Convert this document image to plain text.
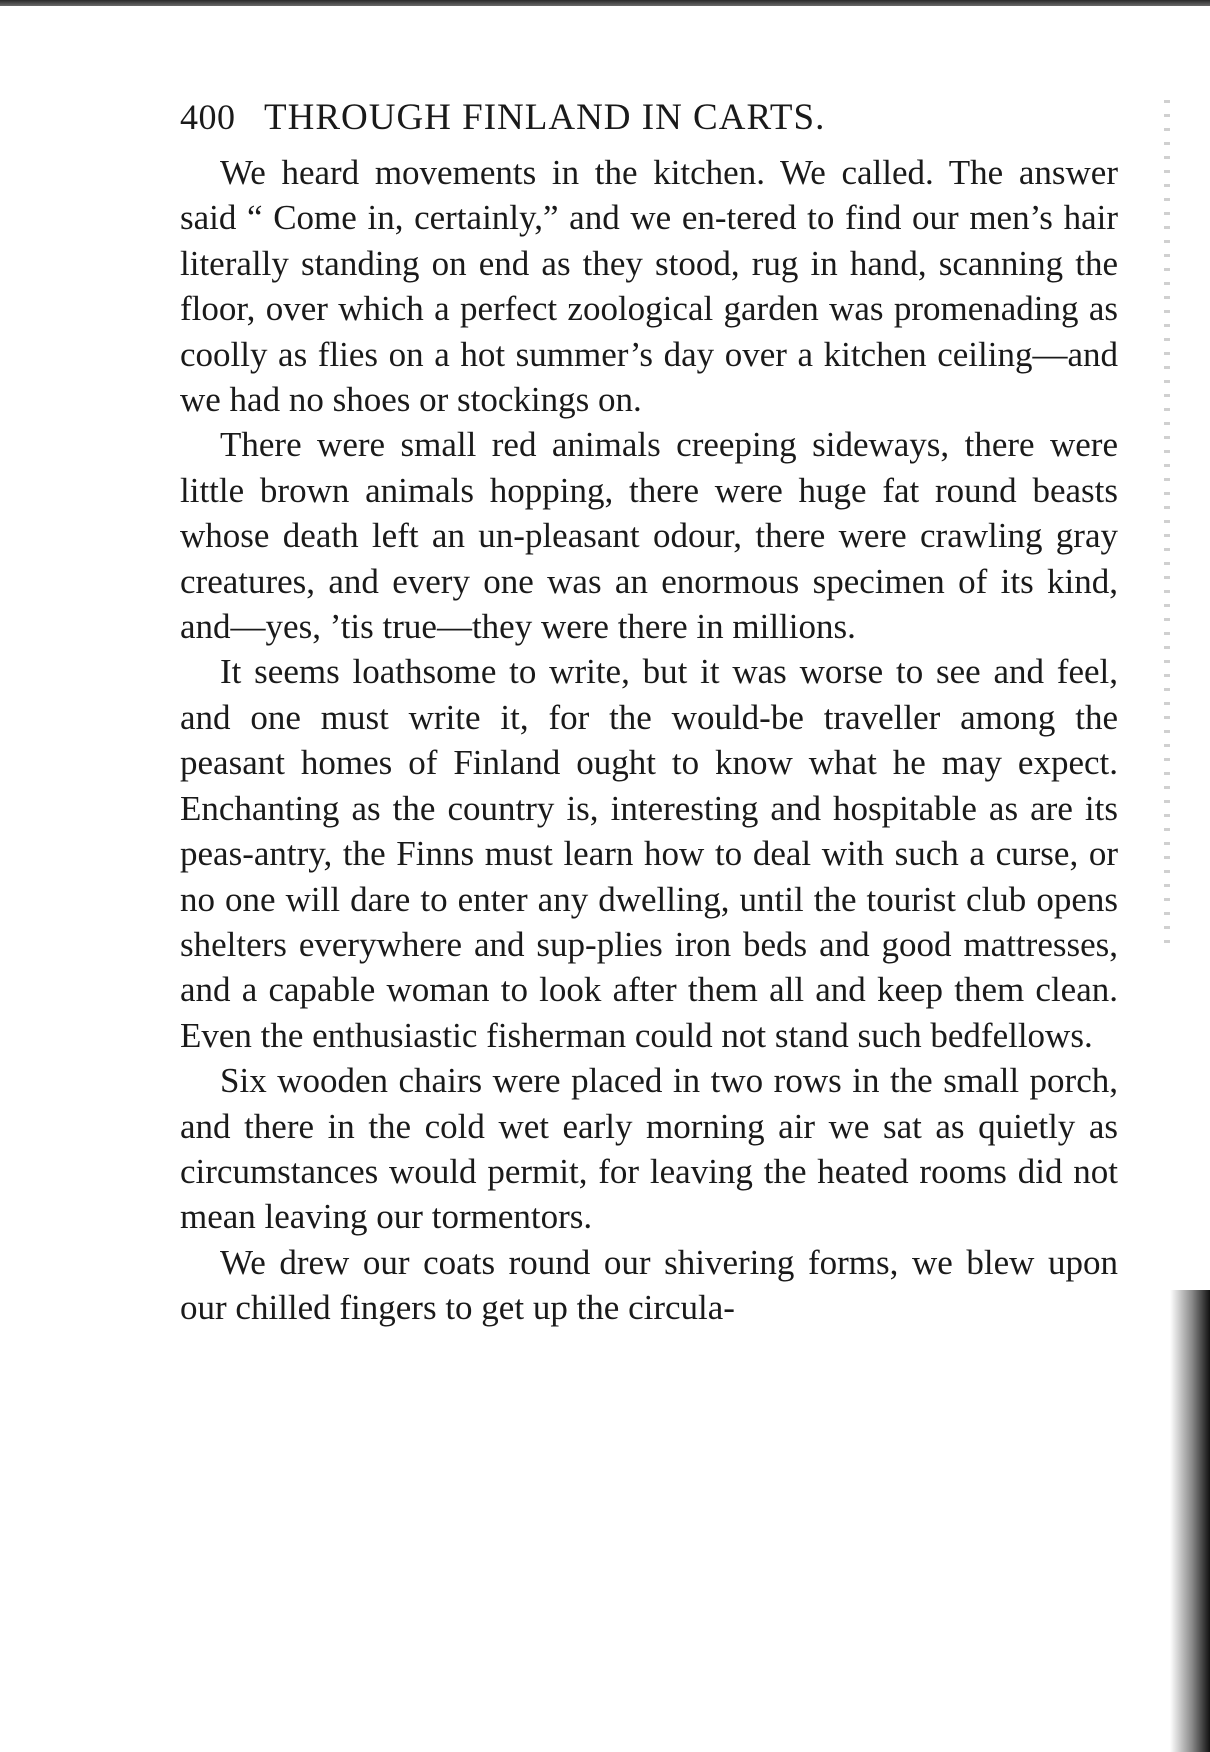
400 THROUGH FINLAND IN CARTS.

We heard movements in the kitchen. We called. The answer said “ Come in, certainly,” and we en-tered to find our men’s hair literally standing on end as they stood, rug in hand, scanning the floor, over which a perfect zoological garden was promenading as coolly as flies on a hot summer’s day over a kitchen ceiling—and we had no shoes or stockings on.

There were small red animals creeping sideways, there were little brown animals hopping, there were huge fat round beasts whose death left an un-pleasant odour, there were crawling gray creatures, and every one was an enormous specimen of its kind, and—yes, ’tis true—they were there in millions.

It seems loathsome to write, but it was worse to see and feel, and one must write it, for the would-be traveller among the peasant homes of Finland ought to know what he may expect. Enchanting as the country is, interesting and hospitable as are its peas-antry, the Finns must learn how to deal with such a curse, or no one will dare to enter any dwelling, until the tourist club opens shelters everywhere and sup-plies iron beds and good mattresses, and a capable woman to look after them all and keep them clean. Even the enthusiastic fisherman could not stand such bedfellows.

Six wooden chairs were placed in two rows in the small porch, and there in the cold wet early morning air we sat as quietly as circumstances would permit, for leaving the heated rooms did not mean leaving our tormentors.

We drew our coats round our shivering forms, we blew upon our chilled fingers to get up the circula-
